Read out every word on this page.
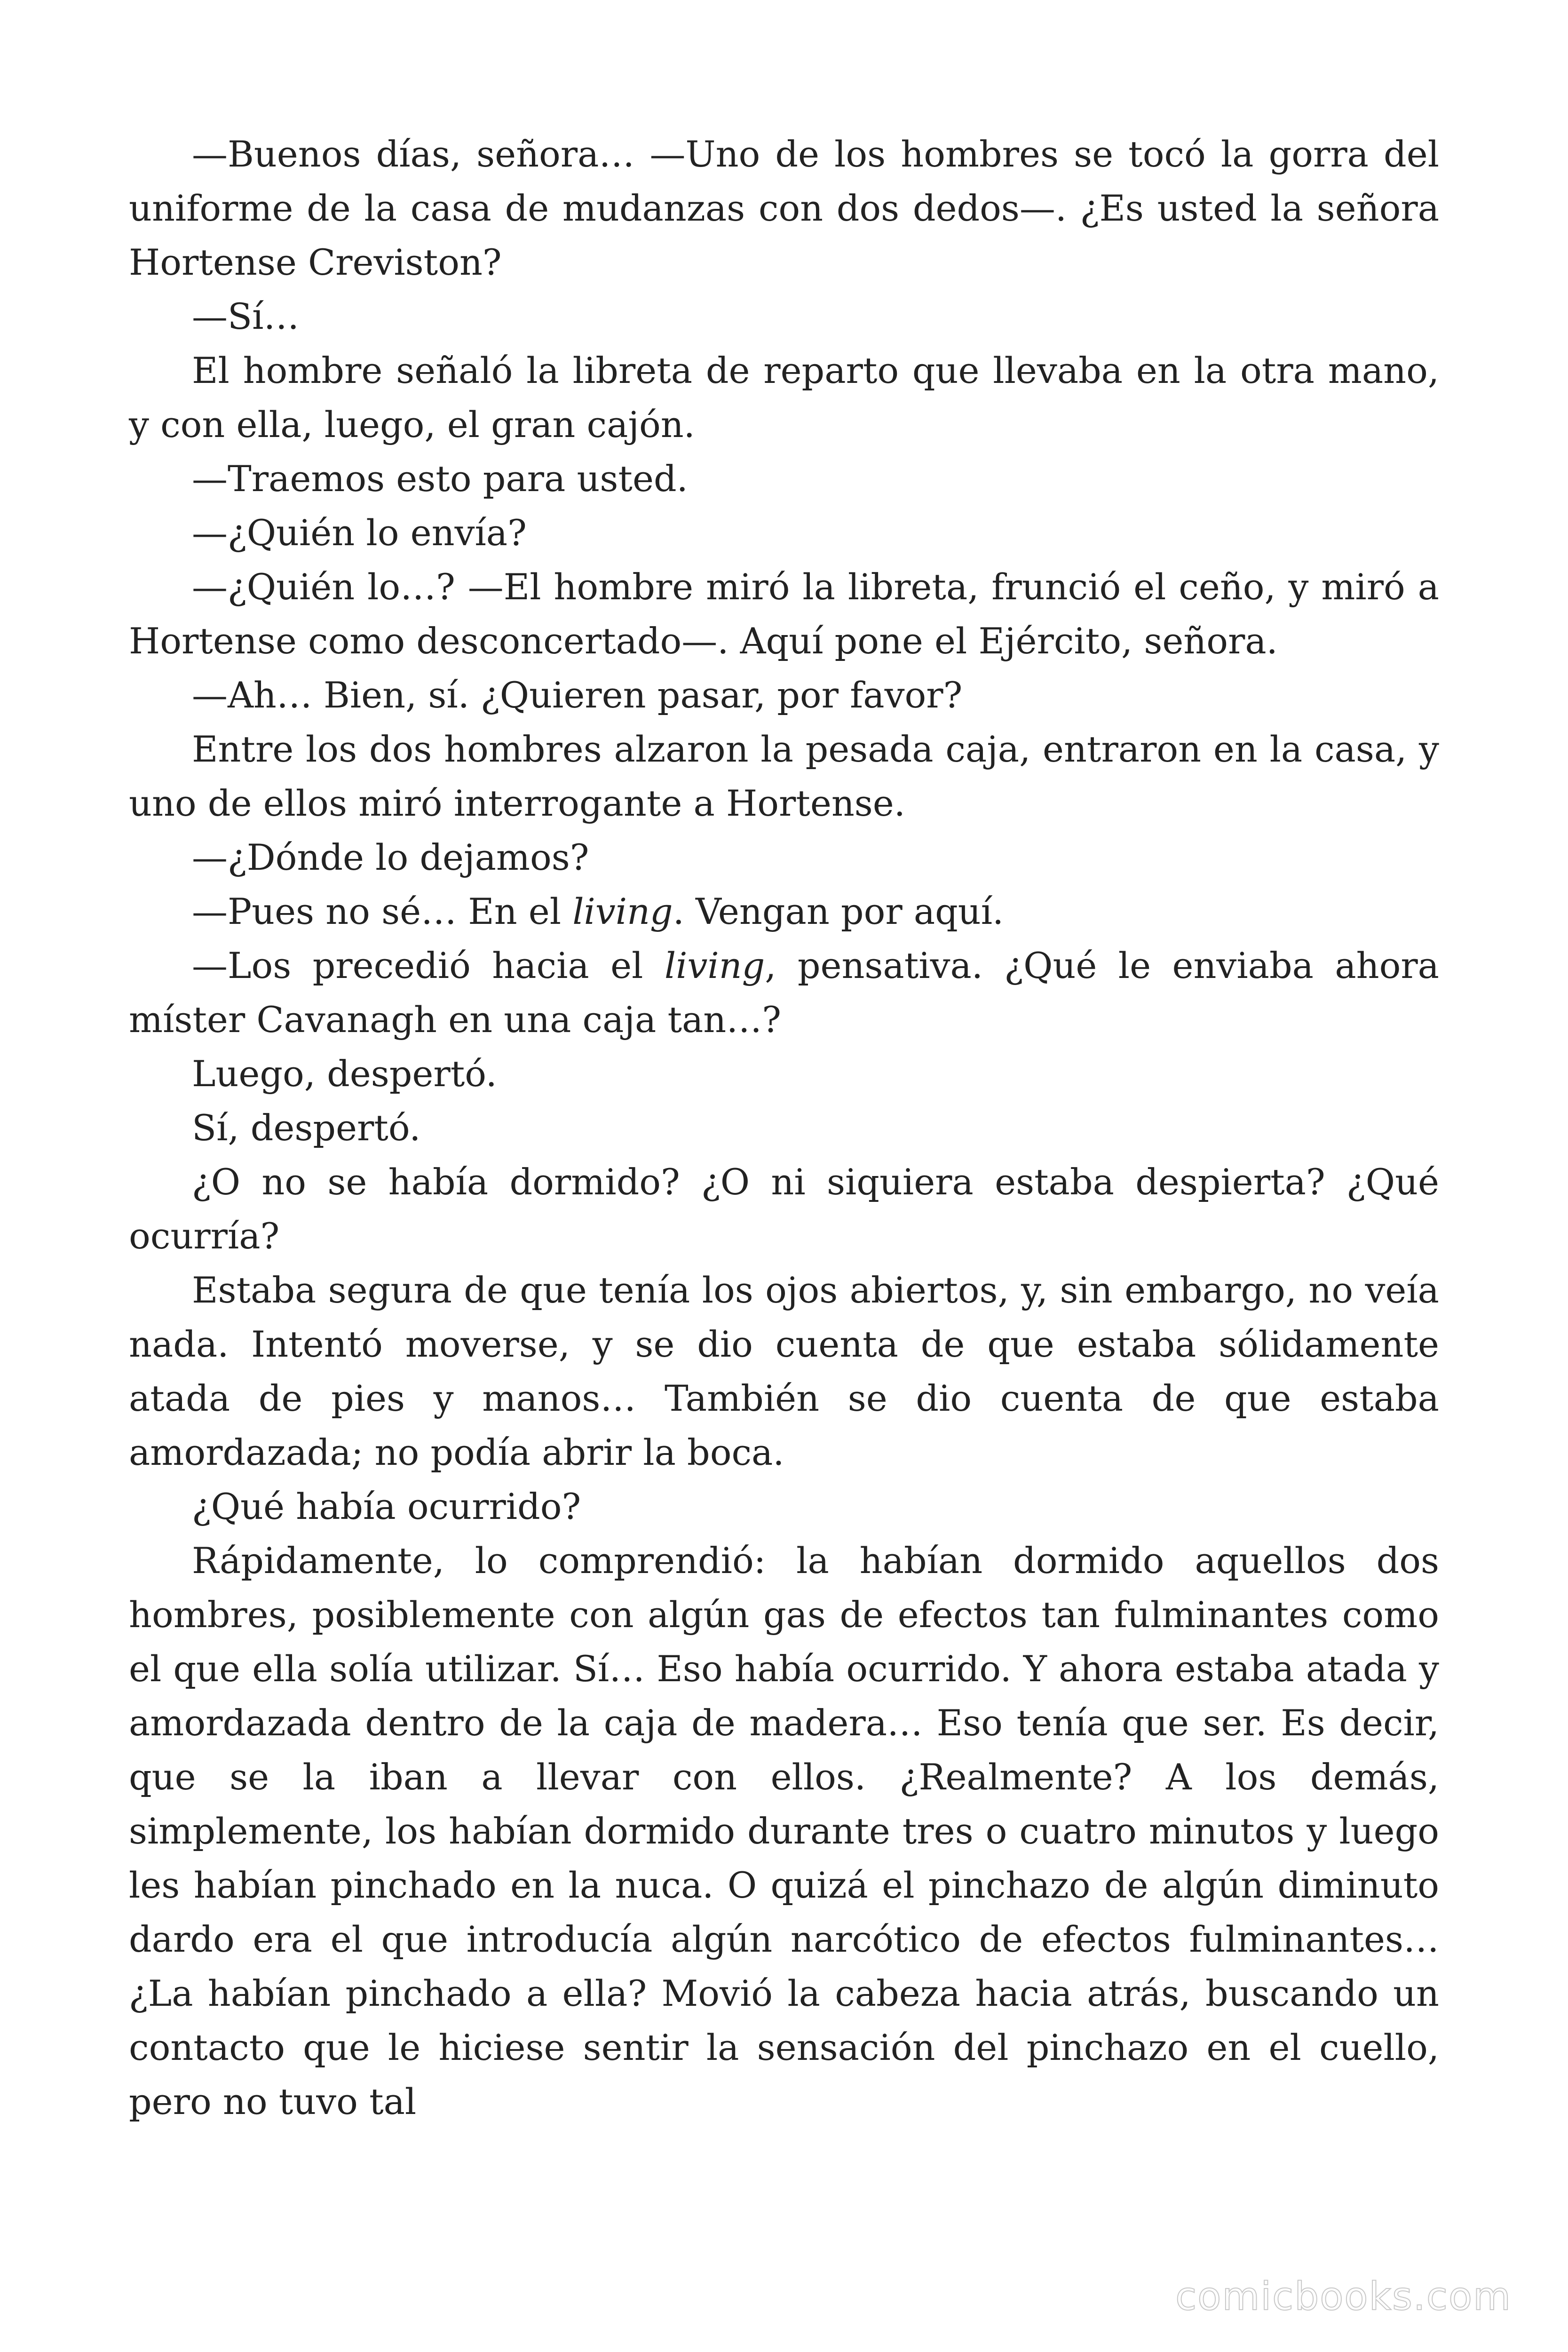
—Buenos días, señora… —Uno de los hombres se tocó la gorra del uniforme de la casa de mudanzas con dos dedos—. ¿Es usted la señora Hortense Creviston?

—Sí…

El hombre señaló la libreta de reparto que llevaba en la otra mano, y con ella, luego, el gran cajón.

—Traemos esto para usted.

—¿Quién lo envía?

—¿Quién lo…? —El hombre miró la libreta, frunció el ceño, y miró a Hortense como desconcertado—. Aquí pone el Ejército, señora.

—Ah… Bien, sí. ¿Quieren pasar, por favor?

Entre los dos hombres alzaron la pesada caja, entraron en la casa, y uno de ellos miró interrogante a Hortense.

—¿Dónde lo dejamos?

—Pues no sé… En el living. Vengan por aquí.

—Los precedió hacia el living, pensativa. ¿Qué le enviaba ahora míster Cavanagh en una caja tan…?

Luego, despertó.

Sí, despertó.

¿O no se había dormido? ¿O ni siquiera estaba despierta? ¿Qué ocurría?

Estaba segura de que tenía los ojos abiertos, y, sin embargo, no veía nada. Intentó moverse, y se dio cuenta de que estaba sólidamente atada de pies y manos… También se dio cuenta de que estaba amordazada; no podía abrir la boca.

¿Qué había ocurrido?

Rápidamente, lo comprendió: la habían dormido aquellos dos hombres, posiblemente con algún gas de efectos tan fulminantes como el que ella solía utilizar. Sí… Eso había ocurrido. Y ahora estaba atada y amordazada dentro de la caja de madera… Eso tenía que ser. Es decir, que se la iban a llevar con ellos. ¿Realmente? A los demás, simplemente, los habían dormido durante tres o cuatro minutos y luego les habían pinchado en la nuca. O quizá el pinchazo de algún diminuto dardo era el que introducía algún narcótico de efectos fulminantes… ¿La habían pinchado a ella? Movió la cabeza hacia atrás, buscando un contacto que le hiciese sentir la sensación del pinchazo en el cuello, pero no tuvo tal

comicbooks.com
